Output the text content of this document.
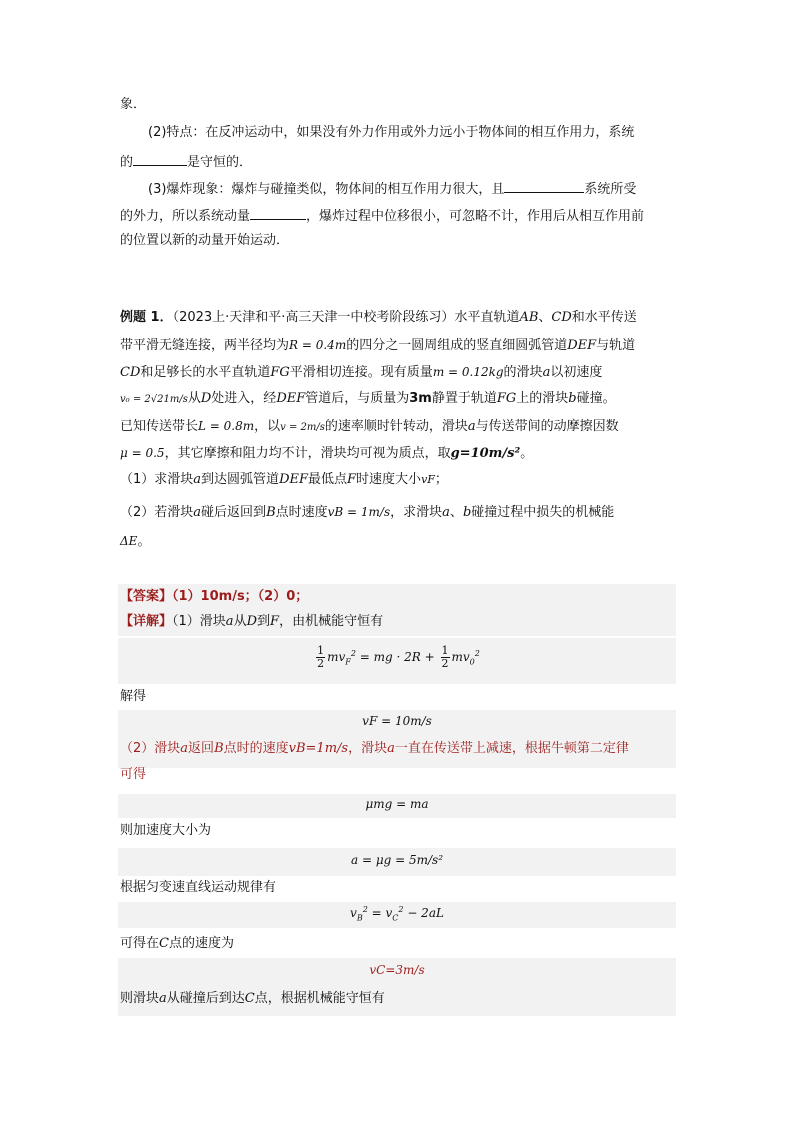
象．
(2)特点：在反冲运动中，如果没有外力作用或外力远小于物体间的相互作用力，系统
的	是守恒的．
(3)爆炸现象：爆炸与碰撞类似，物体间的相互作用力很大，且	系统所受
的外力，所以系统动量	，爆炸过程中位移很小，可忽略不计，作用后从相互作用前
的位置以新的动量开始运动．
例题 1．（2023上·天津和平·高三天津一中校考阶段练习）水平直轨道AB、CD和水平传送
带平滑无缝连接，两半径均为R = 0.4m的四分之一圆周组成的竖直细圆弧管道DEF与轨道
CD和足够长的水平直轨道FG平滑相切连接。现有质量m = 0.12kg的滑块a以初速度
v₀ = 2√21m/s从D处进入，经DEF管道后，与质量为3m静置于轨道FG上的滑块b碰撞。
已知传送带长L = 0.8m，以v = 2m/s的速率顺时针转动，滑块a与传送带间的动摩擦因数
μ = 0.5，其它摩擦和阻力均不计，滑块均可视为质点，取g=10m/s²。
（1）求滑块a到达圆弧管道DEF最低点F时速度大小vF；
（2）若滑块a碰后返回到B点时速度vB = 1m/s，求滑块a、b碰撞过程中损失的机械能
ΔE。
【答案】（1）10m/s；（2）0；
【详解】（1）滑块a从D到F，由机械能守恒有
$\frac{1}{2} mv_F^2$ = mg · $2R + \frac{1}{2} mv_0^2$
解得
vF = 10m/s
（2）滑块a返回B点时的速度vB=1m/s，滑块a一直在传送带上减速，根据牛顿第二定律
可得
μmg = ma
则加速度大小为
a = μg = 5m/s²
根据匀变速直线运动规律有
$v_B^2 = v_C^2 - 2aL$
可得在C点的速度为
vC=3m/s
则滑块a从碰撞后到达C点，根据机械能守恒有
